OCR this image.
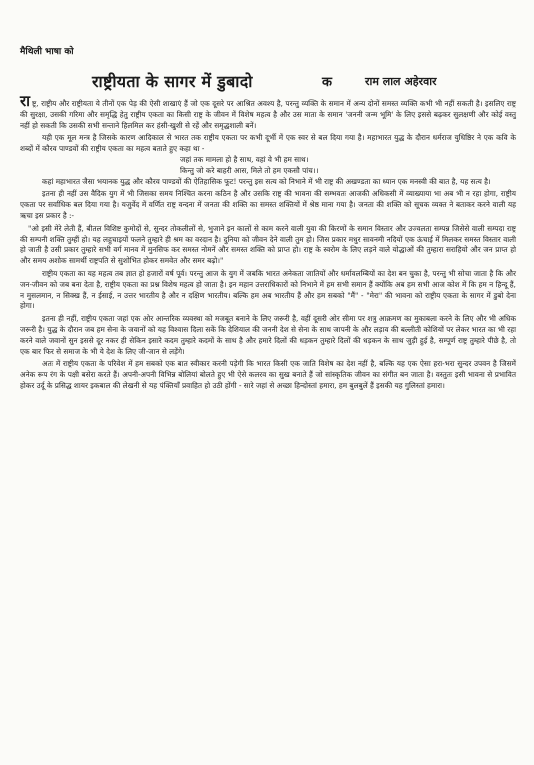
मैथिली भाषा को
राष्ट्रीयता के सागर में डुबादो	क	राम लाल अहेरवार

राष्ट्र, राष्ट्रीय और राष्ट्रीयता ये तीनों एक पेड़ की ऐसी शाखाएं हैं जो एक दूसरे पर आश्रित अवश्य है, परन्तु व्यक्ति के समान में अन्य दोनों समस्त व्यक्ति कभी भी नहीं सकती है। इसलिए राष्ट्र की सुरक्षा, उसकी गरिमा और समृद्धि हेतु राष्ट्रीय एकता का किसी राष्ट्र के जीवन में विशेष महत्व है और उस माता के समान 'जननी जन्म भूमि' के लिए इससे बढ़कर सुलक्षणी और कोई वस्तु नहीं हो सकती कि उसकी सभी सन्ताने हिलमिल कर हंसी-खुशी से रहें और समृद्धशाली बनें।

यही एक मूल मन्त्र है जिसके कारण आदिकाल से भारत तक राष्ट्रीय एकता पर कभी दूर्भी में एक स्वर से बल दिया गया है। महाभारत युद्ध के दौरान धर्मराज युधिष्ठिर ने एक कवि के शब्दों में कौरव पाण्डवों की राष्ट्रीय एकता का महत्व बताते हुए कहा था -

जहां तक मामला हो है साथ, वहां वे भी हम साथ।
किन्तु जो करे बाहरी आस, मिले तो हम एकसौ पांच।।

कहां महाभारत जैसा भयानक युद्ध और कौरव पाण्डवों की ऐतिहासिक फूट! परन्तु इस सत्य को निभाने में भी राष्ट्र की अखण्डता का ध्यान एक मनस्वी की बात है, यह सत्य है।

इतना ही नहीं उस वैदिक युग में भी जिसका समय निश्चित करना कठिन है और उसकि राष्ट्र की भावना की सम्भवतः आजकी अधिकसी में व्याख्याया भा अब भी न रहा होगा, राष्ट्रीय एकता पर सर्वाधिक बल दिया गया है। यजुर्वेद में वर्णित राष्ट्र वन्दना में जनता की शक्ति का समस्त शक्तियों में श्रेष्ठ माना गया है। जनता की शक्ति को सूचक व्यक्त ने बताकर करने वाली यह ऋचा इस प्रकार है :-

"ओ इसी मेरे लेती हैं, बीतल विशिष्ट कुमोदों से, सुन्दर तोकलीलों से, भुजाने इन कालों से काम करने वाली युवा की किरणों के समान विस्तार और उज्वलता सम्पन्न जिसेसे वाली सम्पदा राष्ट्र की सम्पनी शक्ति तुम्हीं हो। यह लहुचाइयों फलने तुम्हारे ही श्रम का वरदान है। दुनिया को जीवन देने वाली तुम हो। जिस प्रकार मधुर सावनमी नदियों एक ऊंचाई में मिलकर समस्त विस्तार वाली हो जाती है उसी प्रकार तुम्हारे सभी वर्ग मानव में मुनसिफ कर समस्त नोमनें और समस्त शक्ति को प्राप्त हो। राष्ट्र के स्वरोम के लिए लड़ने वाले योद्धाओं की तुम्हारा सराहियो और जन प्राप्त हो और समय अशोक सामर्थी राष्ट्रपति से सुशोभित होकर समवेत और समर बढ़ो।"

राष्ट्रीय एकता का यह महत्व तब ज्ञात हो हजारों वर्ष पूर्व। परन्तु आज के युग में जबकि भारत अनेकता जातियों और धर्मावलम्बियों का देश बन चुका है, परन्तु भी सोचा जाता है कि और जन-जीवन को जब बना देता है, राष्ट्रीय एकता का प्रश्न विशेष महत्व हो जाता है। इन महान उत्तराधिकारों को निभाने में हम सभी समान हैं क्योंकि अब हम सभी आज कोश में कि हम न हिन्दू हैं, न मुसलमान, न सिक्ख हैं, न ईसाई, न उत्तर भारतीय है और न दक्षिण भारतीय। बल्कि हम अब भारतीय हैं और हम सबको "मैं" - "मेरा" की भावना को राष्ट्रीय एकता के सागर में डुबो देना होगा।

इतना ही नहीं, राष्ट्रीय एकता जहां एक ओर आन्तरिक व्यवस्था को मजबूत बनाने के लिए जरूरी है, वहीं दूसरी ओर सीमा पर शत्रु आक्रमण का मुकाबला करने के लिए और भी अधिक जरूरी है। युद्ध के दौरान जब हम सेना के जवानों को यह विश्वास दिला सकें कि देशियाल की जननी देश से सेना के साथ जापनी के और लड़ाव की बल्लीती कोशियों पर लेकर भारत का भी रहा करने वाले जवानों सुन इससे दूर नकर ही सेकिन इसारे कदम तुम्हारे कदमों के साथ है और हमारे दिलों की धड़कन तुम्हारे दिलों की धड़कन के साथ जुड़ी हुई है, सम्पूर्ण राष्ट्र तुम्हारे पीछे है, तो एक बार फिर से समाज के भी ये देश के लिए जी-जान से लड़ेंगे।

अतः में राष्ट्रीय एकता के परिवेश में हम सबको एक बात स्वीकार करनी पड़ेगी कि भारत किसी एक जाति विशेष का देश नहीं है, बल्कि यह एक ऐसा हरा-भरा सुन्दर उपवन है जिसमें अनेक रूप रंग के पक्षी बसेरा करते हैं। अपनी-अपनी विभिन्न बोलियां बोलते हुए भी ऐसे कलरव का सुख बनाते हैं जो सांस्कृतिक जीवन का संगीत बन जाता है। वस्तुतः इसी भावना से प्रभावित होकर उर्दू के प्रसिद्ध शायर इकबाल की लेखनी से यह पंक्तियाँ प्रवाहित हो उठी होंगी - सारे जहां से अच्छा हिन्दोस्तां हमारा, हम बुलबुलें हैं इसकी यह गुलिस्तां हमारा।
